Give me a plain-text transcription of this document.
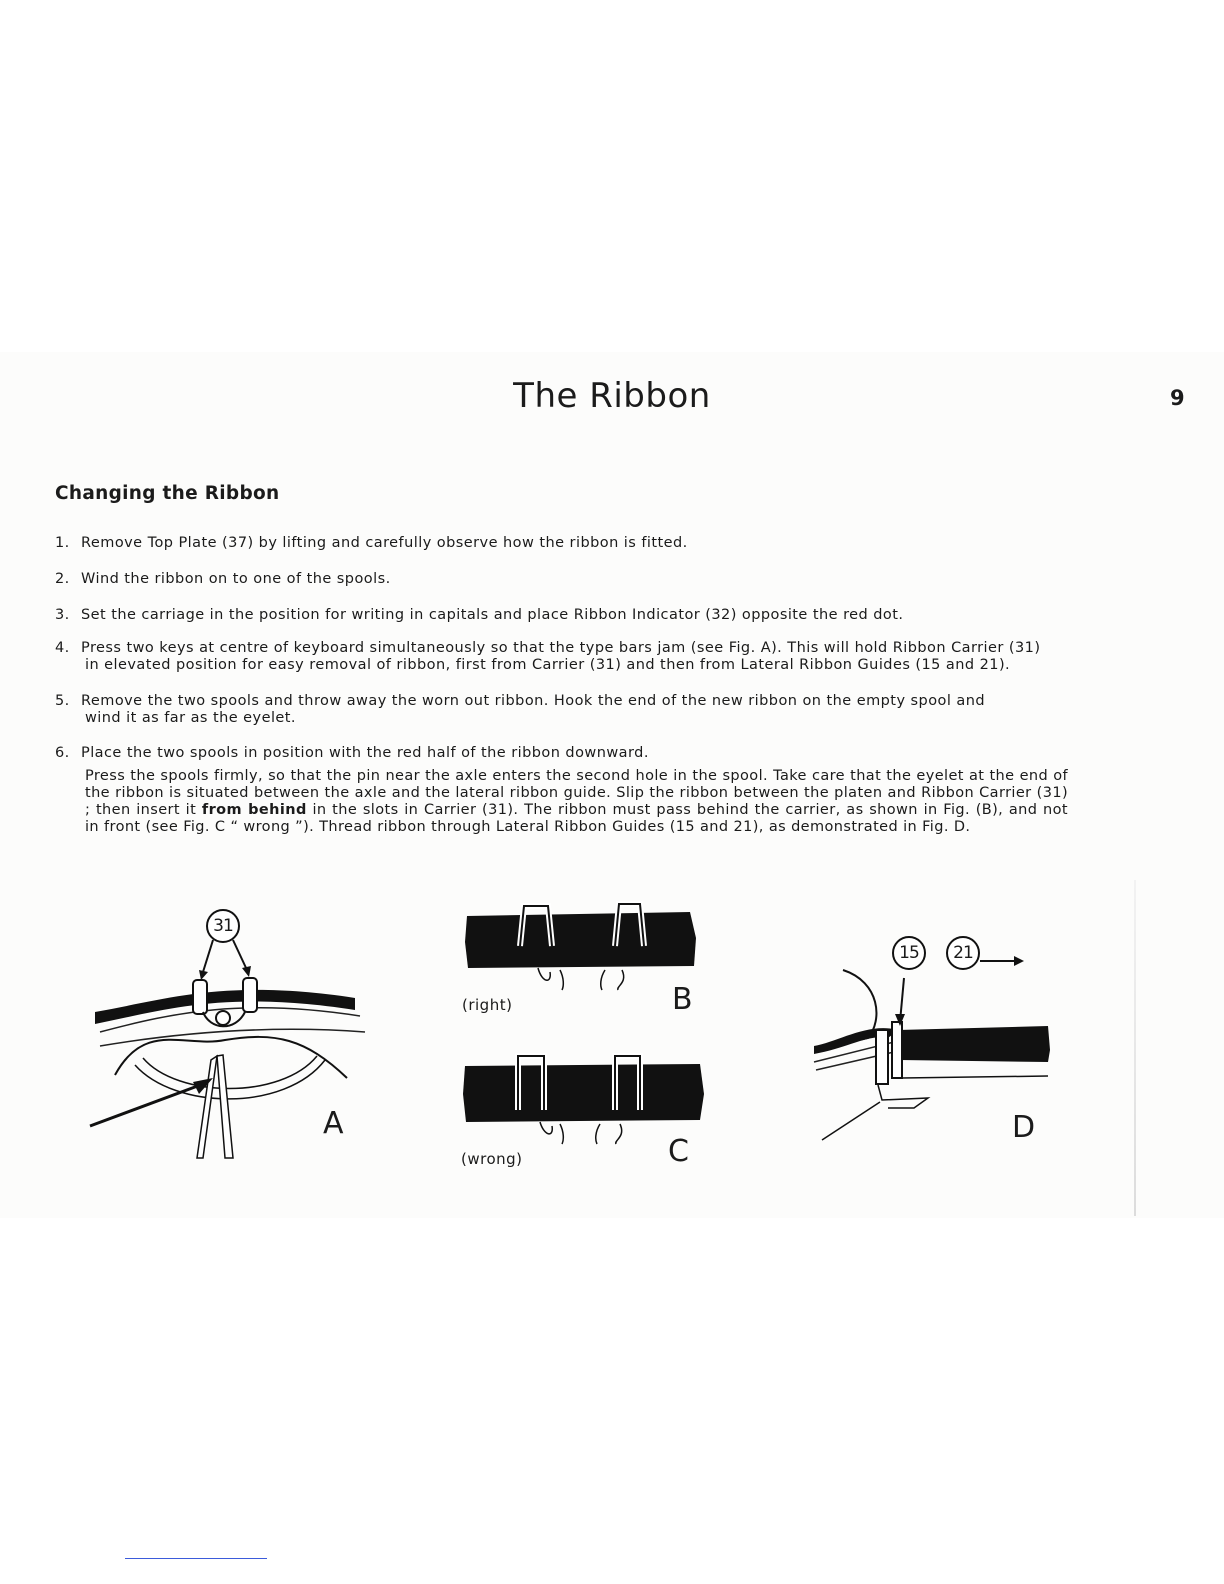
The Ribbon	9
Changing the Ribbon
1. Remove Top Plate (37) by lifting and carefully observe how the ribbon is fitted.
2. Wind the ribbon on to one of the spools.
3. Set the carriage in the position for writing in capitals and place Ribbon Indicator (32) opposite the red dot.
4. Press two keys at centre of keyboard simultaneously so that the type bars jam (see Fig. A). This will hold Ribbon Carrier (31)
in elevated position for easy removal of ribbon, first from Carrier (31) and then from Lateral Ribbon Guides (15 and 21).
5. Remove the two spools and throw away the worn out ribbon. Hook the end of the new ribbon on the empty spool and
wind it as far as the eyelet.
6. Place the two spools in position with the red half of the ribbon downward.
Press the spools firmly, so that the pin near the axle enters the second hole in the spool. Take care that the eyelet at the end of the ribbon is situated between the axle and the lateral ribbon guide. Slip the ribbon between the platen and Ribbon Carrier (31) ; then insert it from behind in the slots in Carrier (31). The ribbon must pass behind the carrier, as shown in Fig. (B), and not in front (see Fig. C “ wrong ”). Thread ribbon through Lateral Ribbon Guides (15 and 21), as demonstrated in Fig. D.
31
A
(right)	B
(wrong)	C
15	21
D
